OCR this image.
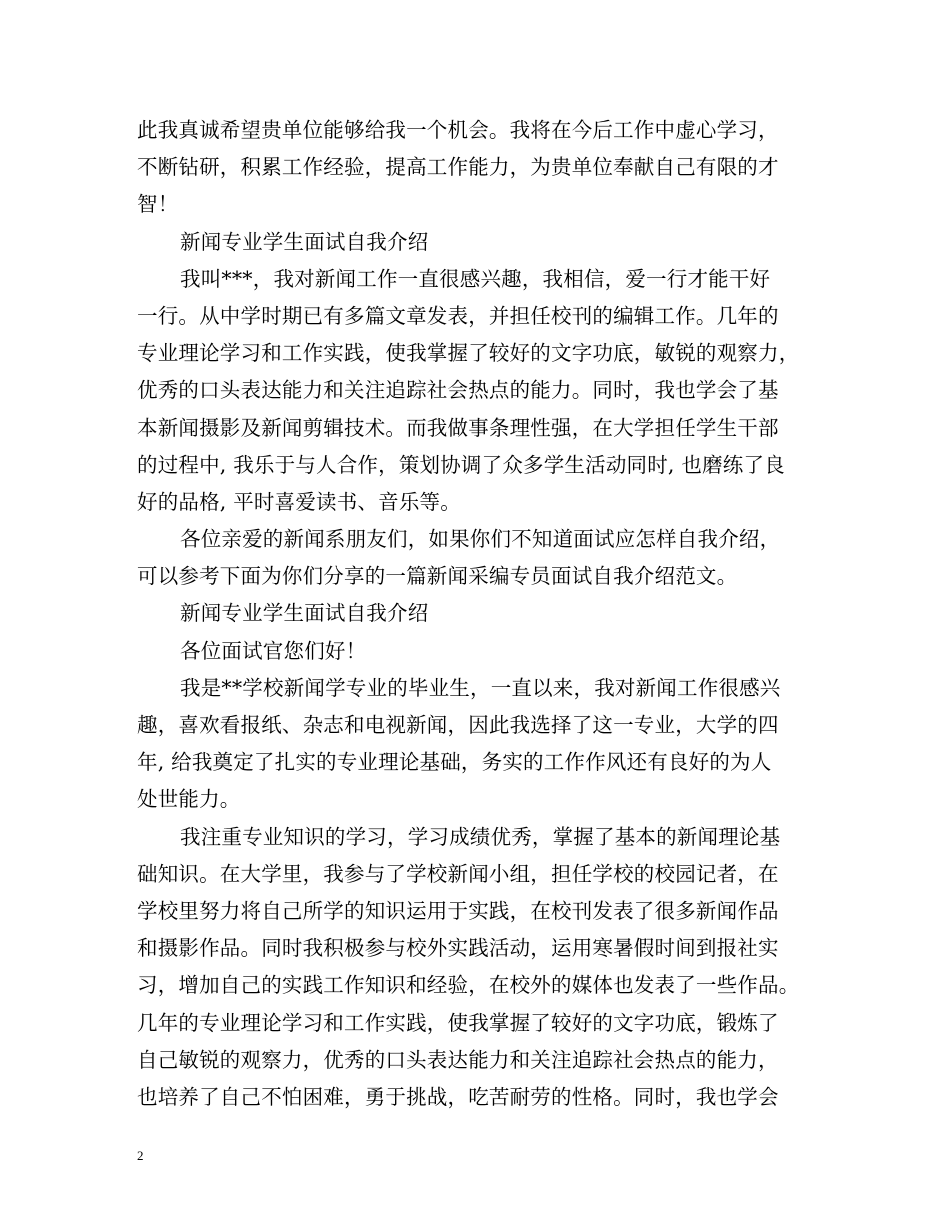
此我真诚希望贵单位能够给我一个机会。我将在今后工作中虚心学习，
不断钻研，积累工作经验，提高工作能力，为贵单位奉献自己有限的才
智！
新闻专业学生面试自我介绍
我叫***，我对新闻工作一直很感兴趣，我相信，爱一行才能干好
一行。从中学时期已有多篇文章发表，并担任校刊的编辑工作。几年的
专业理论学习和工作实践，使我掌握了较好的文字功底，敏锐的观察力，
优秀的口头表达能力和关注追踪社会热点的能力。同时，我也学会了基
本新闻摄影及新闻剪辑技术。而我做事条理性强，在大学担任学生干部
的过程中, 我乐于与人合作，策划协调了众多学生活动同时, 也磨练了良
好的品格, 平时喜爱读书、音乐等。
各位亲爱的新闻系朋友们，如果你们不知道面试应怎样自我介绍，
可以参考下面为你们分享的一篇新闻采编专员面试自我介绍范文。
新闻专业学生面试自我介绍
各位面试官您们好！
我是**学校新闻学专业的毕业生，一直以来，我对新闻工作很感兴
趣，喜欢看报纸、杂志和电视新闻，因此我选择了这一专业，大学的四
年, 给我奠定了扎实的专业理论基础，务实的工作作风还有良好的为人
处世能力。
我注重专业知识的学习，学习成绩优秀，掌握了基本的新闻理论基
础知识。在大学里，我参与了学校新闻小组，担任学校的校园记者，在
学校里努力将自己所学的知识运用于实践，在校刊发表了很多新闻作品
和摄影作品。同时我积极参与校外实践活动，运用寒暑假时间到报社实
习，增加自己的实践工作知识和经验，在校外的媒体也发表了一些作品。
几年的专业理论学习和工作实践，使我掌握了较好的文字功底，锻炼了
自己敏锐的观察力，优秀的口头表达能力和关注追踪社会热点的能力，
也培养了自己不怕困难，勇于挑战，吃苦耐劳的性格。同时，我也学会
2
